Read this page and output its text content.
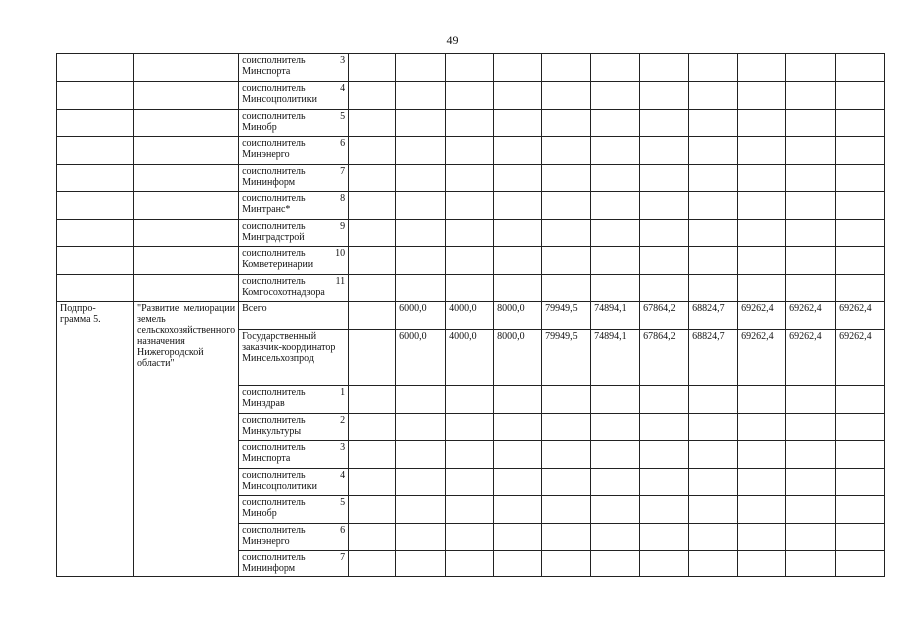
49

		соисполнитель 3
Минспорта											

		соисполнитель 4
Минсоцполитики											

		соисполнитель 5
Минобр											

		соисполнитель 6
Минэнерго											

		соисполнитель 7
Мининформ											

		соисполнитель 8
Минтранс*											

		соисполнитель 9
Минградстрой											

		соисполнитель 10
Комветеринарии											

		соисполнитель 11
Комгосохотнадзора											

Подпро-
грамма 5.	"Развитие мелиорации земель сельскохозяйственного назначения Нижегородской области"	Всего		6000,0	4000,0	8000,0	79949,5	74894,1	67864,2	68824,7	69262,4	69262,4	69262,4
		Государственный заказчик-координатор Минсельхозпрод		6000,0	4000,0	8000,0	79949,5	74894,1	67864,2	68824,7	69262,4	69262,4	69262,4

		соисполнитель 1
Минздрав											

		соисполнитель 2
Минкультуры											

		соисполнитель 3
Минспорта											

		соисполнитель 4
Минсоцполитики											

		соисполнитель 5
Минобр											

		соисполнитель 6
Минэнерго											

		соисполнитель 7
Мининформ											
